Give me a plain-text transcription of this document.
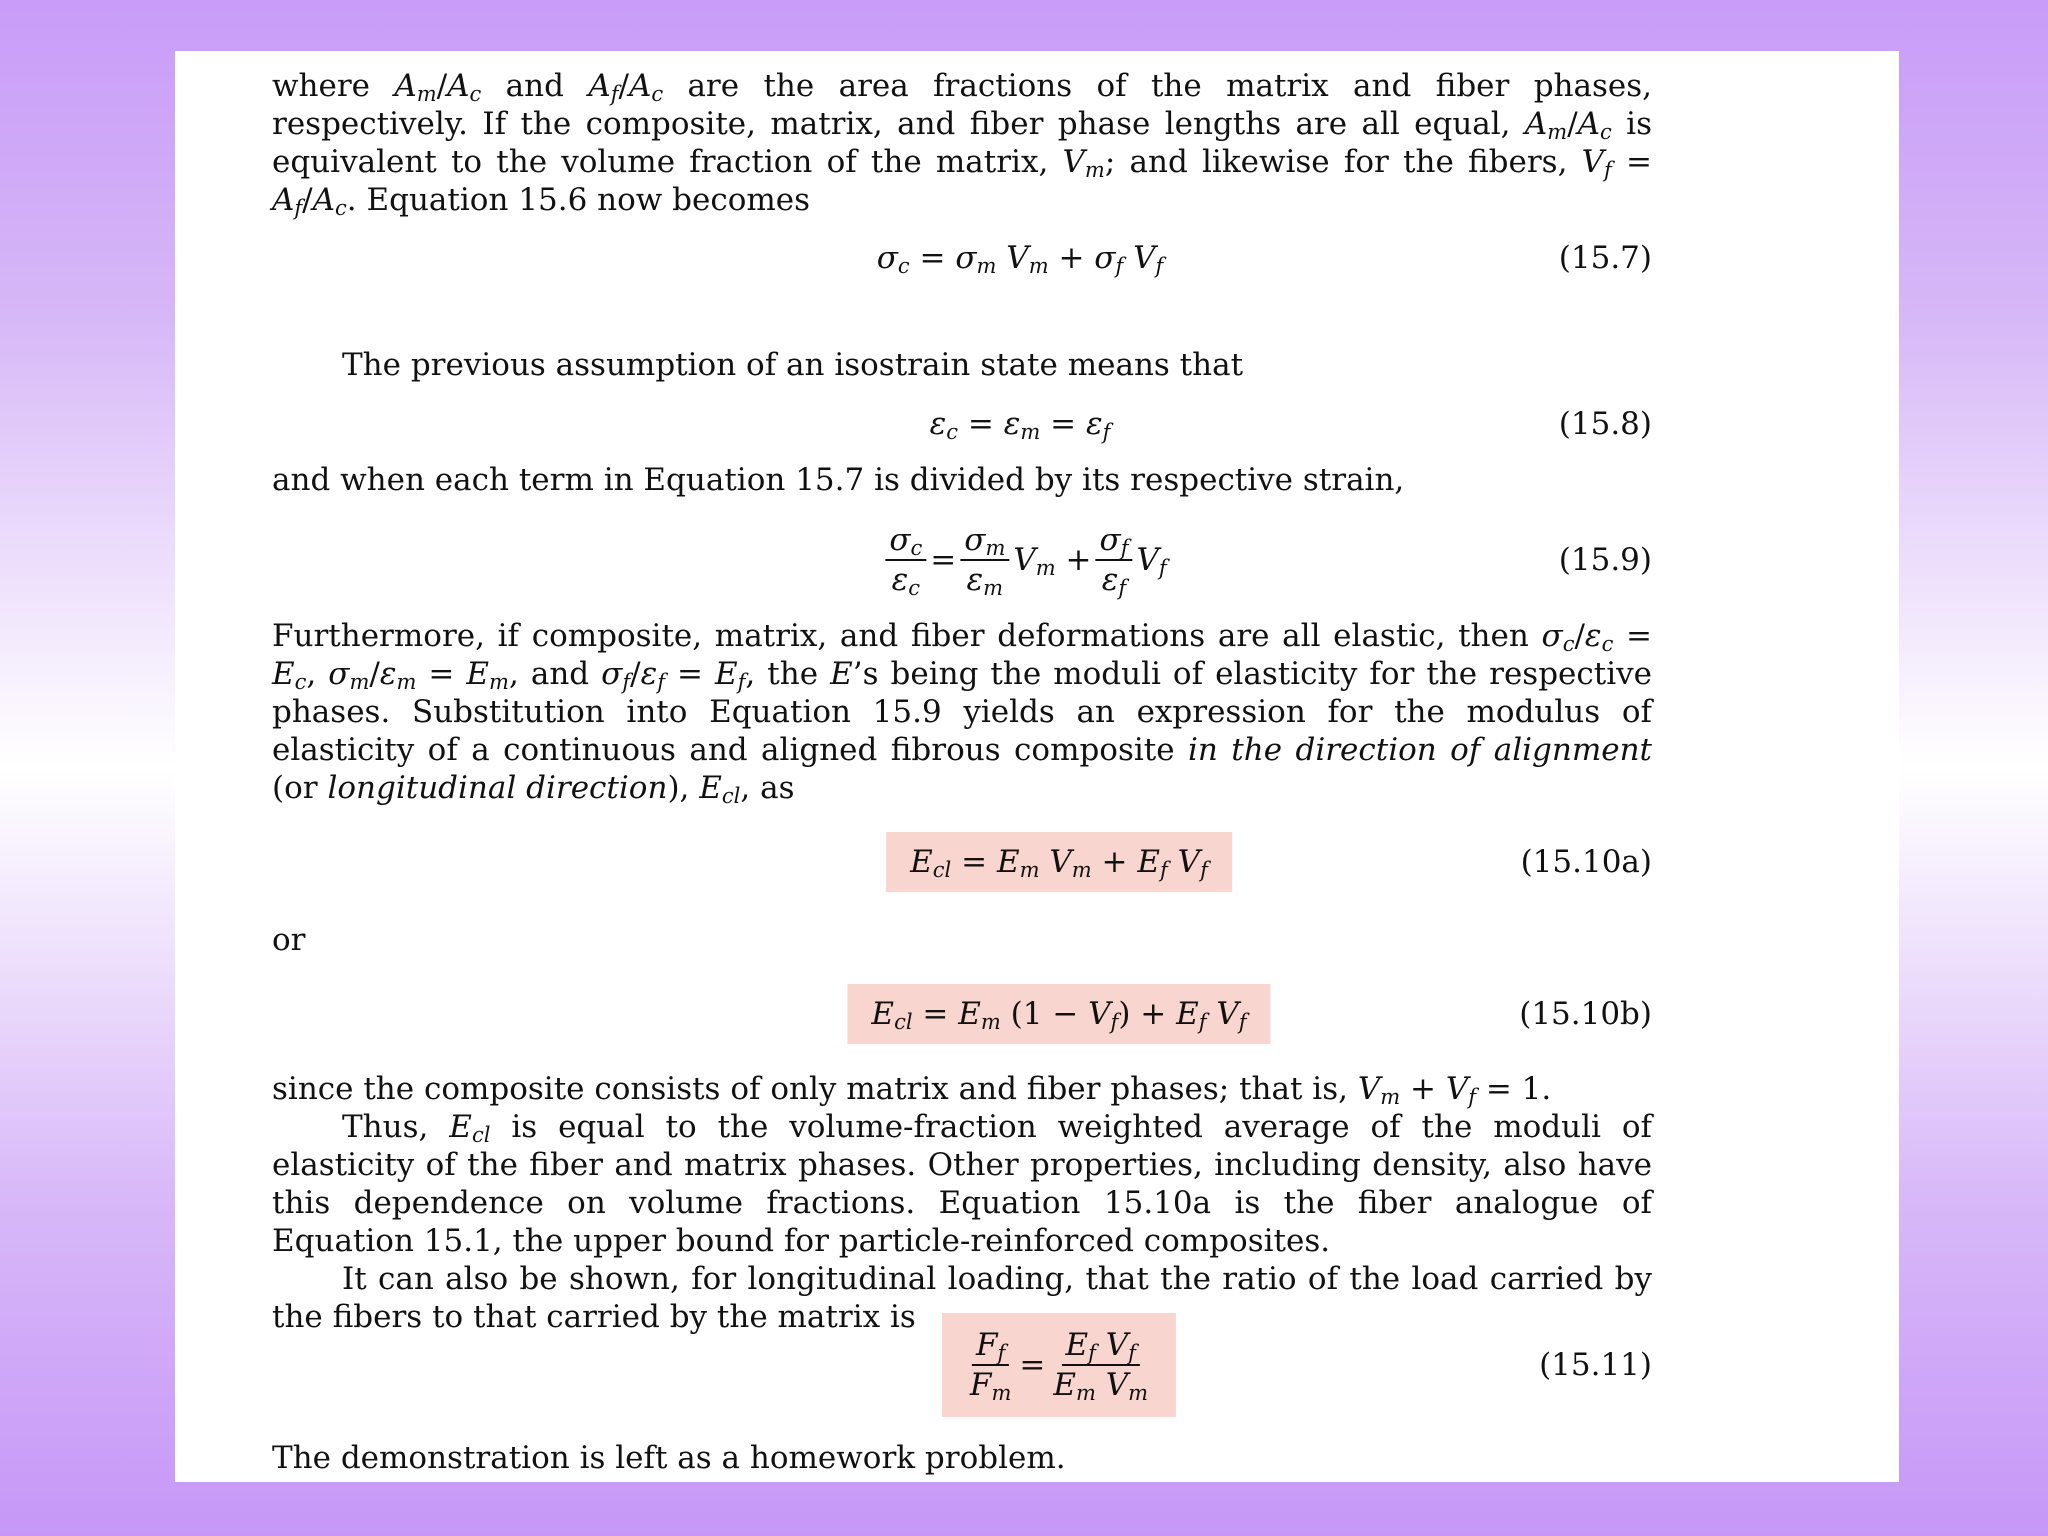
where $A_m/A_c$ and $A_f/A_c$ are the area fractions of the matrix and fiber phases, respectively. If the composite, matrix, and fiber phase lengths are all equal, $A_m/A_c$ is equivalent to the volume fraction of the matrix, $V_m$; and likewise for the fibers, $V_f = A_f/A_c$. Equation 15.6 now becomes

$\sigma_c = \sigma_m$ $V_m + \sigma_f$ $V_f$	(15.7)

The previous assumption of an isostrain state means that

$\varepsilon_c = \varepsilon_m = \varepsilon_f$	(15.8)

and when each term in Equation 15.7 is divided by its respective strain,

$\frac{\sigma_c}{\varepsilon_c} = \frac{\sigma_m}{\varepsilon_m} V_m + \frac{\sigma_f}{\varepsilon_f} V_f$	(15.9)

Furthermore, if composite, matrix, and fiber deformations are all elastic, then $\sigma_c/\varepsilon_c = E_c$, $\sigma_m/\varepsilon_m = E_m$, and $\sigma_f/\varepsilon_f = E_f$, the E’s being the moduli of elasticity for the respective phases. Substitution into Equation 15.9 yields an expression for the modulus of elasticity of a continuous and aligned fibrous composite in the direction of alignment (or longitudinal direction), $E_{cl}$, as

$E_{cl} = E_m$ $V_m + E_f$ $V_f$	(15.10a)

or

$E_{cl} = E_m$ ($1 - V_f$ ) + $E_f$ $V_f$	(15.10b)

since the composite consists of only matrix and fiber phases; that is, $V_m + V_f = 1$.

Thus, $E_{cl}$ is equal to the volume-fraction weighted average of the moduli of elasticity of the fiber and matrix phases. Other properties, including density, also have this dependence on volume fractions. Equation 15.10a is the fiber analogue of Equation 15.1, the upper bound for particle-reinforced composites.

It can also be shown, for longitudinal loading, that the ratio of the load carried by the fibers to that carried by the matrix is

$\frac{F_f}{F_m} = \frac{E_f V_f}{E_m V_m}$	(15.11)

The demonstration is left as a homework problem.
